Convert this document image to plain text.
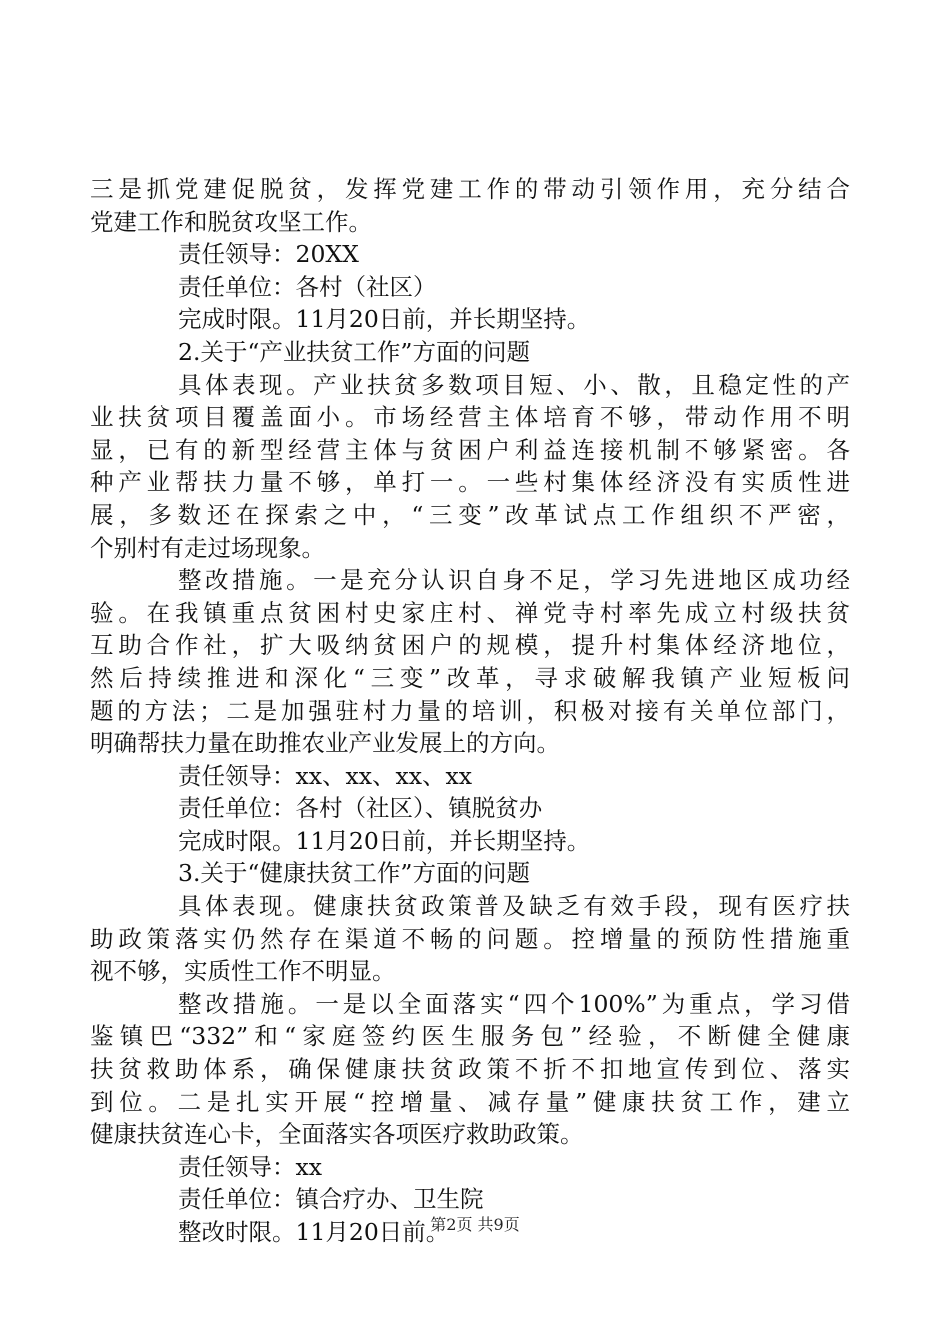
三是抓党建促脱贫，发挥党建工作的带动引领作用，充分结合
党建工作和脱贫攻坚工作。
责任领导：20XX
责任单位：各村（社区）
完成时限。11月20日前，并长期坚持。
2.关于“产业扶贫工作”方面的问题
具体表现。产业扶贫多数项目短、小、散，且稳定性的产
业扶贫项目覆盖面小。市场经营主体培育不够，带动作用不明
显，已有的新型经营主体与贫困户利益连接机制不够紧密。各
种产业帮扶力量不够，单打一。一些村集体经济没有实质性进
展，多数还在探索之中，“三变”改革试点工作组织不严密，
个别村有走过场现象。
整改措施。一是充分认识自身不足，学习先进地区成功经
验。在我镇重点贫困村史家庄村、禅党寺村率先成立村级扶贫
互助合作社，扩大吸纳贫困户的规模，提升村集体经济地位，
然后持续推进和深化“三变”改革，寻求破解我镇产业短板问
题的方法；二是加强驻村力量的培训，积极对接有关单位部门，
明确帮扶力量在助推农业产业发展上的方向。
责任领导：xx、xx、xx、xx
责任单位：各村（社区）、镇脱贫办
完成时限。11月20日前，并长期坚持。
3.关于“健康扶贫工作”方面的问题
具体表现。健康扶贫政策普及缺乏有效手段，现有医疗扶
助政策落实仍然存在渠道不畅的问题。控增量的预防性措施重
视不够，实质性工作不明显。
整改措施。一是以全面落实“四个100%”为重点，学习借
鉴镇巴“332”和“家庭签约医生服务包”经验，不断健全健康
扶贫救助体系，确保健康扶贫政策不折不扣地宣传到位、落实
到位。二是扎实开展“控增量、减存量”健康扶贫工作，建立
健康扶贫连心卡，全面落实各项医疗救助政策。
责任领导：xx
责任单位：镇合疗办、卫生院
整改时限。11月20日前。
第2页 共9页
